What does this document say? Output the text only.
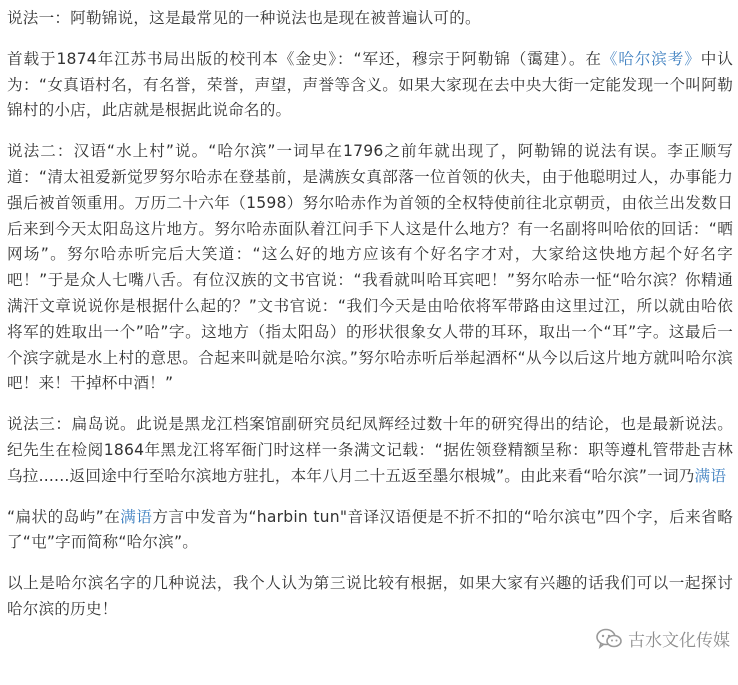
说法一：阿勒锦说，这是最常见的一种说法也是现在被普遍认可的。

首载于1874年江苏书局出版的校刊本《金史》：“军还，穆宗于阿勒锦（霭建）。在《哈尔滨考》中认为：“女真语村名，有名誉，荣誉，声望，声誉等含义。如果大家现在去中央大街一定能发现一个叫阿勒锦村的小店，此店就是根据此说命名的。

说法二：汉语“水上村”说。“哈尔滨”一词早在1796之前年就出现了，阿勒锦的说法有误。李正顺写道：“清太祖爱新觉罗努尔哈赤在登基前，是满族女真部落一位首领的伙夫，由于他聪明过人，办事能力强后被首领重用。万历二十六年（1598）努尔哈赤作为首领的全权特使前往北京朝贡，由依兰出发数日后来到今天太阳岛这片地方。努尔哈赤面队着江问手下人这是什么地方？有一名副将叫哈依的回话：“晒网场”。努尔哈赤听完后大笑道：“这么好的地方应该有个好名字才对，大家给这快地方起个好名字吧！”于是众人七嘴八舌。有位汉族的文书官说：“我看就叫哈耳宾吧！”努尔哈赤一怔“哈尔滨？你精通满汗文章说说你是根据什么起的？”文书官说：“我们今天是由哈依将军带路由这里过江，所以就由哈依将军的姓取出一个”哈”字。这地方（指太阳岛）的形状很象女人带的耳环，取出一个“耳”字。这最后一个滨字就是水上村的意思。合起来叫就是哈尔滨。”努尔哈赤听后举起酒杯“从今以后这片地方就叫哈尔滨吧！来！干掉杯中酒！”

说法三：扁岛说。此说是黑龙江档案馆副研究员纪凤辉经过数十年的研究得出的结论，也是最新说法。纪先生在检阅1864年黑龙江将军衙门时这样一条满文记载：“据佐领登精额呈称：职等遵札管带赴吉林乌拉......返回途中行至哈尔滨地方驻扎，本年八月二十五返至墨尔根城”。由此来看“哈尔滨”一词乃满语

“扁状的岛屿”在满语方言中发音为“harbin tun"音译汉语便是不折不扣的“哈尔滨屯”四个字，后来省略了“屯”字而简称“哈尔滨”。

以上是哈尔滨名字的几种说法，我个人认为第三说比较有根据，如果大家有兴趣的话我们可以一起探讨哈尔滨的历史！

古水文化传媒
